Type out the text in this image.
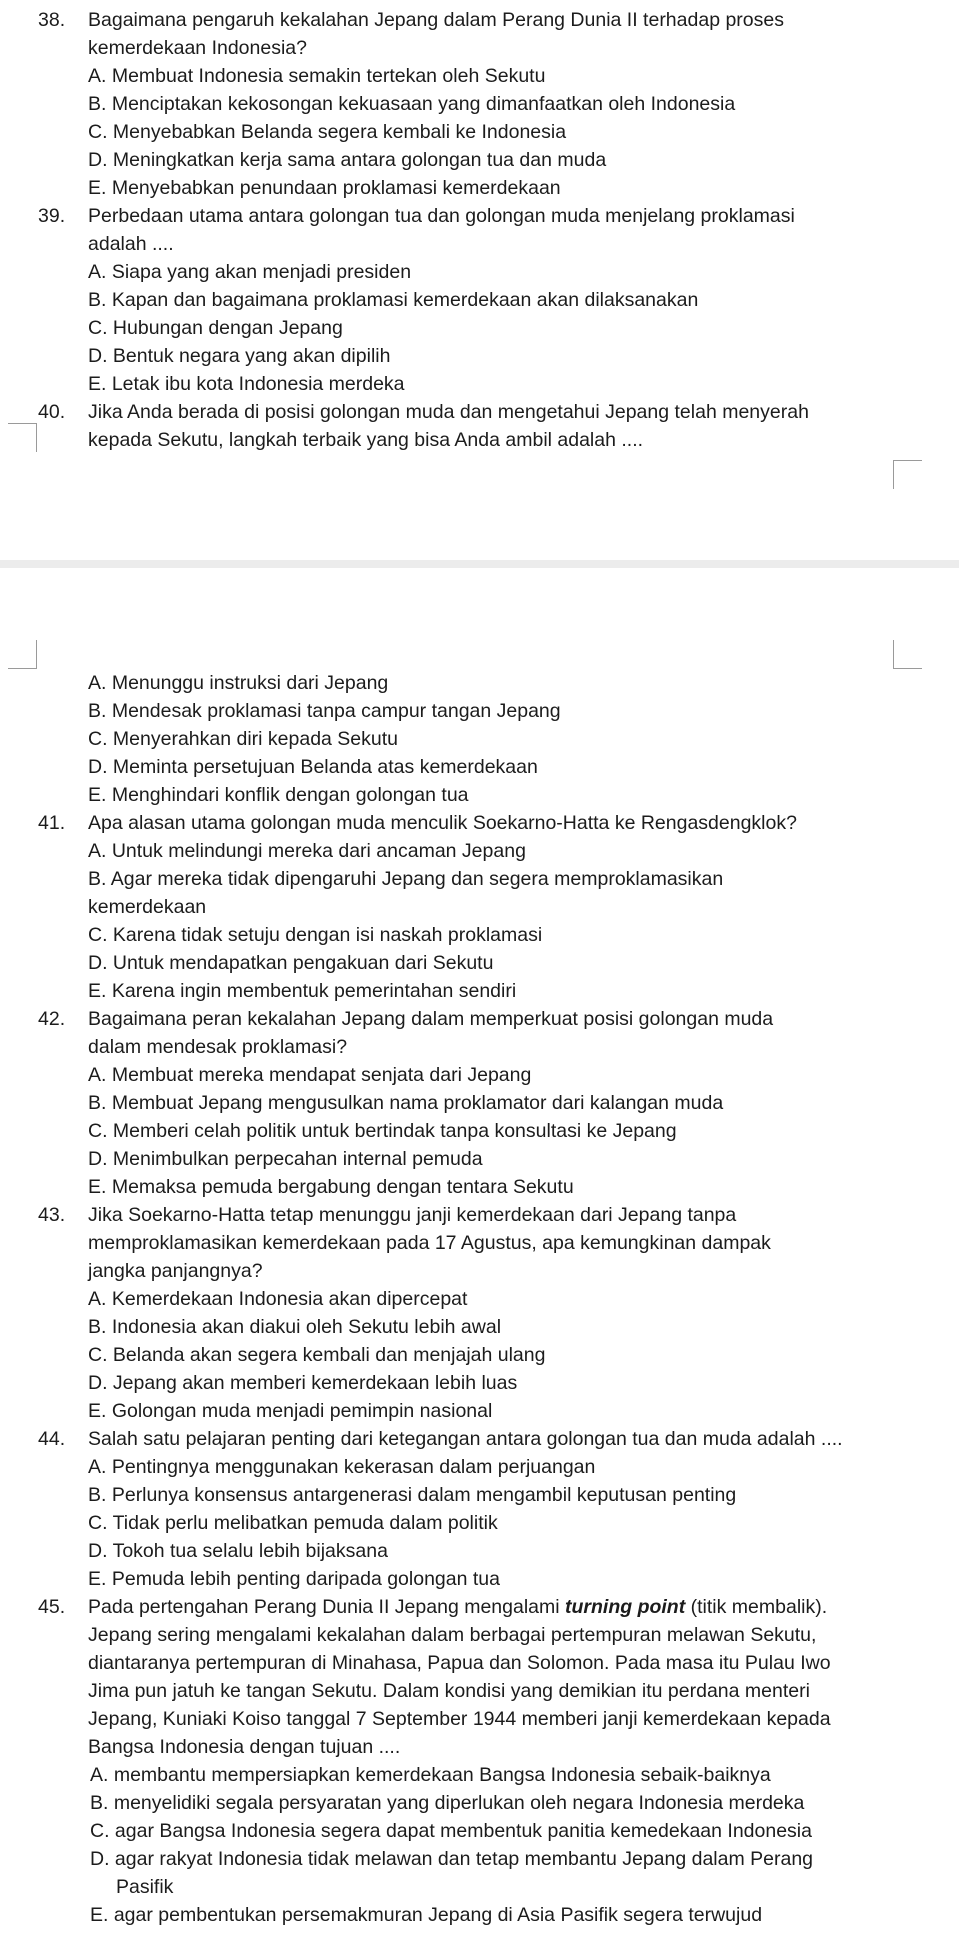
38. Bagaimana pengaruh kekalahan Jepang dalam Perang Dunia II terhadap proses
kemerdekaan Indonesia?
A. Membuat Indonesia semakin tertekan oleh Sekutu
B. Menciptakan kekosongan kekuasaan yang dimanfaatkan oleh Indonesia
C. Menyebabkan Belanda segera kembali ke Indonesia
D. Meningkatkan kerja sama antara golongan tua dan muda
E. Menyebabkan penundaan proklamasi kemerdekaan
39. Perbedaan utama antara golongan tua dan golongan muda menjelang proklamasi
adalah ....
A. Siapa yang akan menjadi presiden
B. Kapan dan bagaimana proklamasi kemerdekaan akan dilaksanakan
C. Hubungan dengan Jepang
D. Bentuk negara yang akan dipilih
E. Letak ibu kota Indonesia merdeka
40. Jika Anda berada di posisi golongan muda dan mengetahui Jepang telah menyerah
kepada Sekutu, langkah terbaik yang bisa Anda ambil adalah ....
A. Menunggu instruksi dari Jepang
B. Mendesak proklamasi tanpa campur tangan Jepang
C. Menyerahkan diri kepada Sekutu
D. Meminta persetujuan Belanda atas kemerdekaan
E. Menghindari konflik dengan golongan tua
41. Apa alasan utama golongan muda menculik Soekarno-Hatta ke Rengasdengklok?
A. Untuk melindungi mereka dari ancaman Jepang
B. Agar mereka tidak dipengaruhi Jepang dan segera memproklamasikan
kemerdekaan
C. Karena tidak setuju dengan isi naskah proklamasi
D. Untuk mendapatkan pengakuan dari Sekutu
E. Karena ingin membentuk pemerintahan sendiri
42. Bagaimana peran kekalahan Jepang dalam memperkuat posisi golongan muda
dalam mendesak proklamasi?
A. Membuat mereka mendapat senjata dari Jepang
B. Membuat Jepang mengusulkan nama proklamator dari kalangan muda
C. Memberi celah politik untuk bertindak tanpa konsultasi ke Jepang
D. Menimbulkan perpecahan internal pemuda
E. Memaksa pemuda bergabung dengan tentara Sekutu
43. Jika Soekarno-Hatta tetap menunggu janji kemerdekaan dari Jepang tanpa
memproklamasikan kemerdekaan pada 17 Agustus, apa kemungkinan dampak
jangka panjangnya?
A. Kemerdekaan Indonesia akan dipercepat
B. Indonesia akan diakui oleh Sekutu lebih awal
C. Belanda akan segera kembali dan menjajah ulang
D. Jepang akan memberi kemerdekaan lebih luas
E. Golongan muda menjadi pemimpin nasional
44. Salah satu pelajaran penting dari ketegangan antara golongan tua dan muda adalah ....
A. Pentingnya menggunakan kekerasan dalam perjuangan
B. Perlunya konsensus antargenerasi dalam mengambil keputusan penting
C. Tidak perlu melibatkan pemuda dalam politik
D. Tokoh tua selalu lebih bijaksana
E. Pemuda lebih penting daripada golongan tua
45. Pada pertengahan Perang Dunia II Jepang mengalami turning point (titik membalik).
Jepang sering mengalami kekalahan dalam berbagai pertempuran melawan Sekutu,
diantaranya pertempuran di Minahasa, Papua dan Solomon. Pada masa itu Pulau Iwo
Jima pun jatuh ke tangan Sekutu. Dalam kondisi yang demikian itu perdana menteri
Jepang, Kuniaki Koiso tanggal 7 September 1944 memberi janji kemerdekaan kepada
Bangsa Indonesia dengan tujuan ....
A. membantu mempersiapkan kemerdekaan Bangsa Indonesia sebaik-baiknya
B. menyelidiki segala persyaratan yang diperlukan oleh negara Indonesia merdeka
C. agar Bangsa Indonesia segera dapat membentuk panitia kemedekaan Indonesia
D. agar rakyat Indonesia tidak melawan dan tetap membantu Jepang dalam Perang
Pasifik
E. agar pembentukan persemakmuran Jepang di Asia Pasifik segera terwujud
